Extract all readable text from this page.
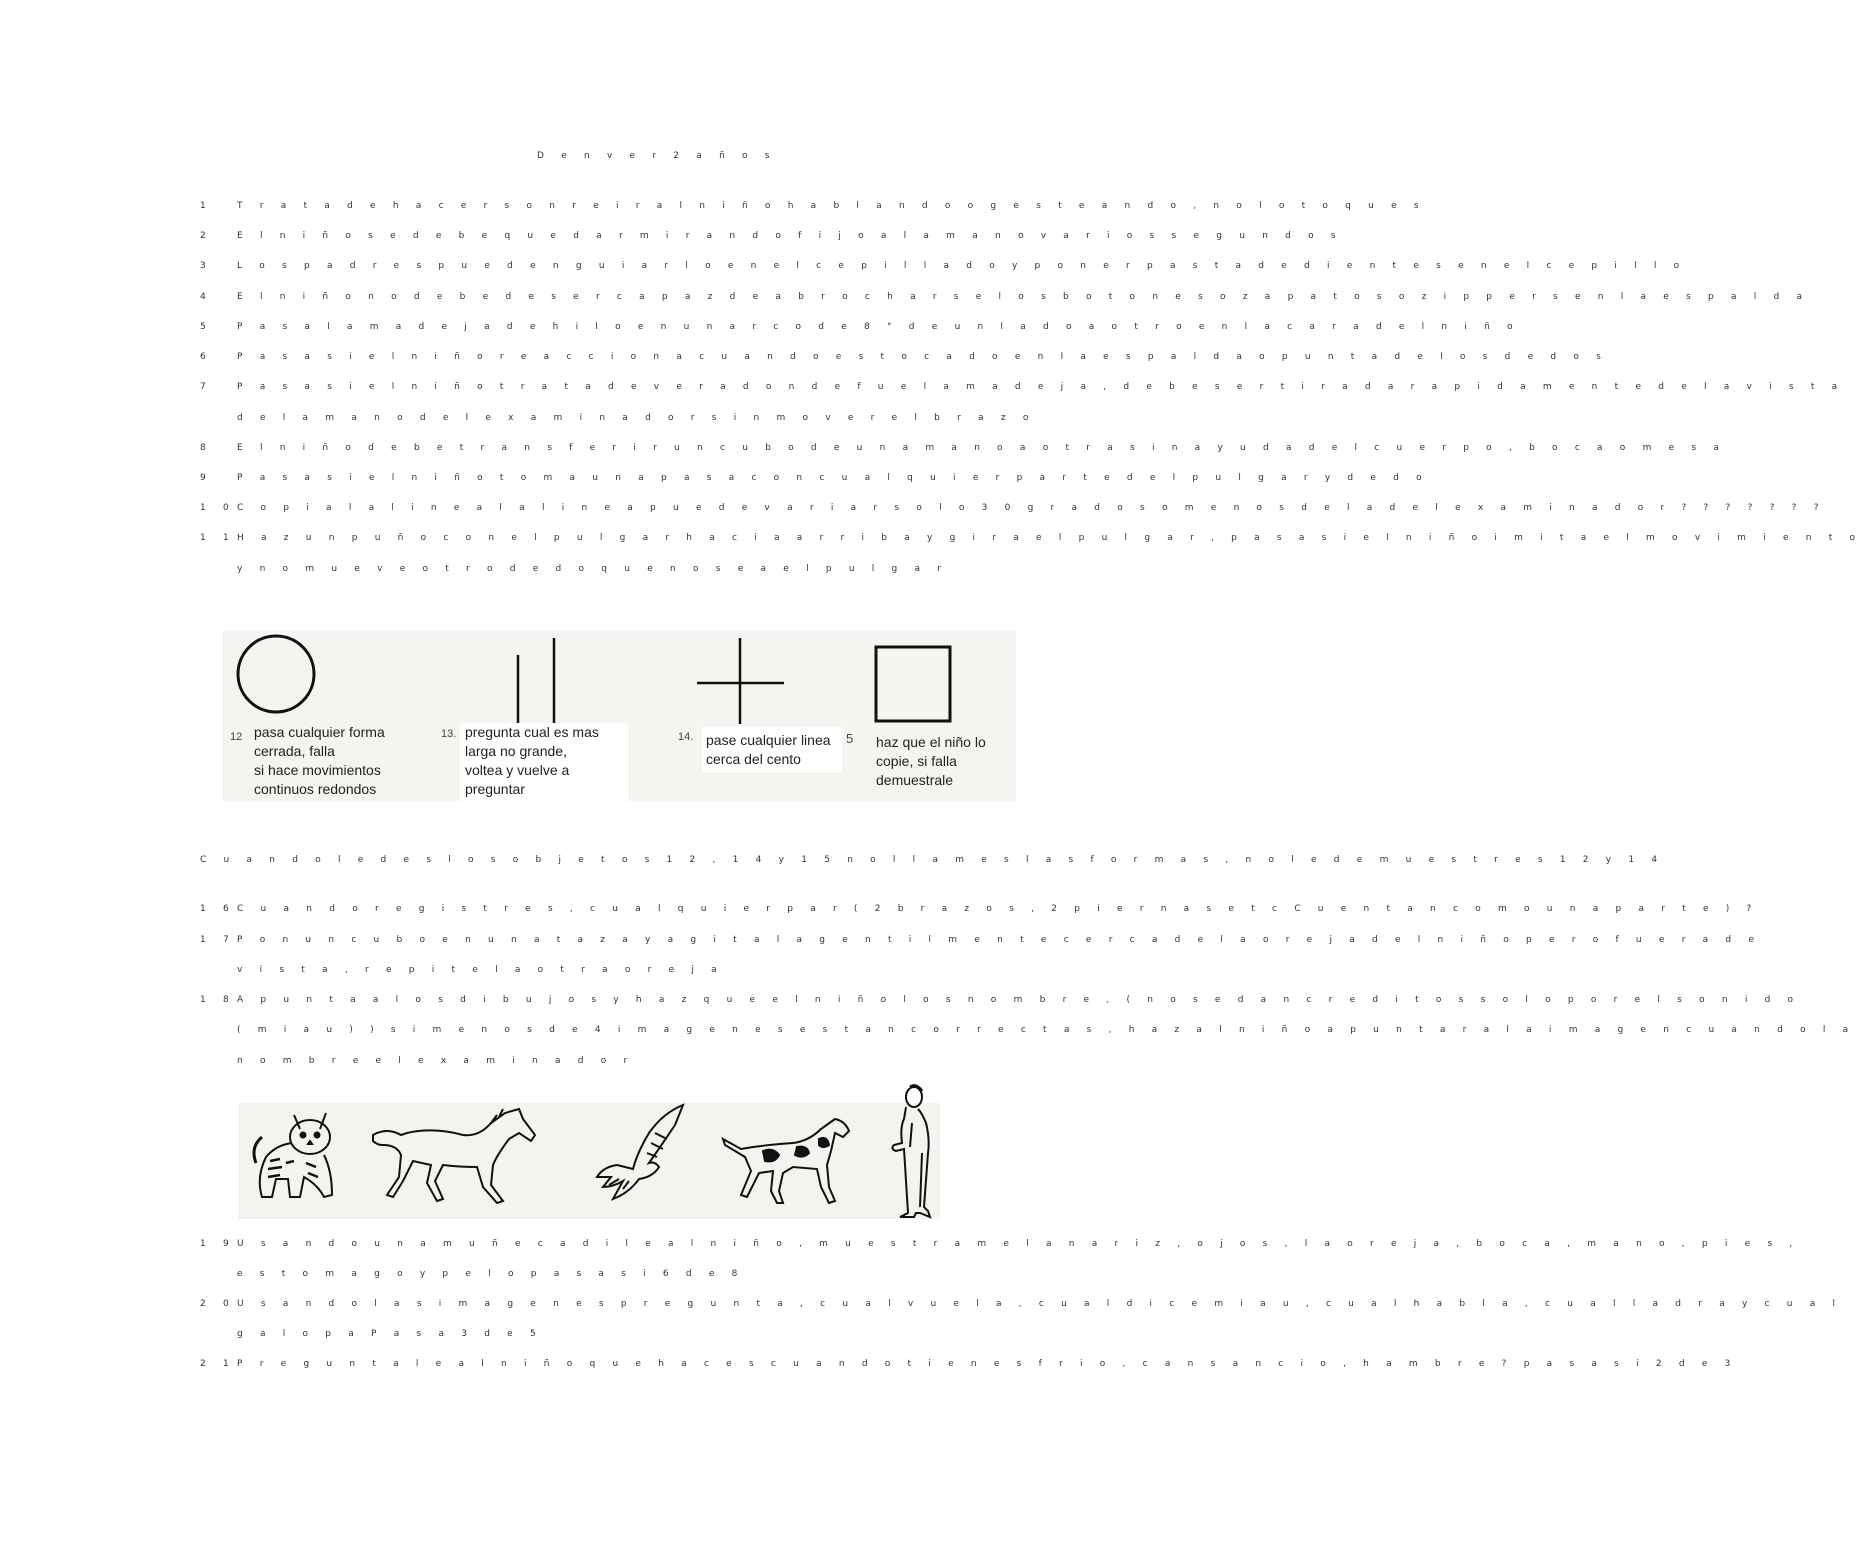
D e n v e r 2 a ñ o s
1	T r a t a d e h a c e r s o n r e i r a l n i ñ o h a b l a n d o o g e s t e a n d o , n o l o t o q u e s
2	E l n i ñ o s e d e b e q u e d a r m i r a n d o f i j o a l a m a n o v a r i o s s e g u n d o s
3	L o s p a d r e s p u e d e n g u i a r l o e n e l c e p i l l a d o y p o n e r p a s t a d e d i e n t e s e n e l c e p i l l o
4	E l n i ñ o n o d e b e d e s e r c a p a z d e a b r o c h a r s e l o s b o t o n e s o z a p a t o s o z i p p e r s e n l a e s p a l d a
5	P a s a l a m a d e j a d e h i l o e n u n a r c o d e 8 ° d e u n l a d o a o t r o e n l a c a r a d e l n i ñ o
6	P a s a s i e l n i ñ o r e a c c i o n a c u a n d o e s t o c a d o e n l a e s p a l d a o p u n t a d e l o s d e d o s
7	P a s a s i e l n i ñ o t r a t a d e v e r a d o n d e f u e l a m a d e j a , d e b e s e r t i r a d a r a p i d a m e n t e d e l a v i s t a
d e l a m a n o d e l e x a m i n a d o r s i n m o v e r e l b r a z o
8	E l n i ñ o d e b e t r a n s f e r i r u n c u b o d e u n a m a n o a o t r a s i n a y u d a d e l c u e r p o , b o c a o m e s a
9	P a s a s i e l n i ñ o t o m a u n a p a s a c o n c u a l q u i e r p a r t e d e l p u l g a r y d e d o
1 0 C o p i a l a l i n e a l a l i n e a p u e d e v a r i a r s o l o 3 0 g r a d o s o m e n o s d e l a d e l e x a m i n a d o r ? ? ? ? ? ? ?
1 1 H a z u n p u ñ o c o n e l p u l g a r h a c i a a r r i b a y g i r a e l p u l g a r , p a s a s i e l n i ñ o i m i t a e l m o v i m i e n t o
y n o m u e v e o t r o d e d o q u e n o s e a e l p u l g a r
12 pasa cualquier forma
cerrada, falla
si hace movimientos
continuos redondos
13. pregunta cual es mas
larga no grande,
voltea y vuelve a
preguntar
14. pase cualquier linea
cerca del cento
5 haz que el niño lo
copie, si falla
demuestrale
C u a n d o l e d e s l o s o b j e t o s 1 2 , 1 4 y 1 5 n o l l a m e s l a s f o r m a s , n o l e d e m u e s t r e s 1 2 y 1 4
1 6 C u a n d o r e g i s t r e s , c u a l q u i e r p a r ( 2 b r a z o s , 2 p i e r n a s e t c C u e n t a n c o m o u n a p a r t e ) ?
1 7 P o n u n c u b o e n u n a t a z a y a g i t a l a g e n t i l m e n t e c e r c a d e l a o r e j a d e l n i ñ o p e r o f u e r a d e
v i s t a , r e p i t e l a o t r a o r e j a
1 8 A p u n t a a l o s d i b u j o s y h a z q u e e l n i ñ o l o s n o m b r e , ( n o s e d a n c r e d i t o s s o l o p o r e l s o n i d o
( m i a u ) ) s i m e n o s d e 4 i m a g e n e s e s t a n c o r r e c t a s , h a z a l n i ñ o a p u n t a r a l a i m a g e n c u a n d o l a
n o m b r e e l e x a m i n a d o r
1 9 U s a n d o u n a m u ñ e c a d i l e a l n i ñ o , m u e s t r a m e l a n a r i z , o j o s , l a o r e j a , b o c a , m a n o , p i e s ,
e s t o m a g o y p e l o p a s a s i 6 d e 8
2 0 U s a n d o l a s i m a g e n e s p r e g u n t a , c u a l v u e l a , c u a l d i c e m i a u , c u a l h a b l a , c u a l l a d r a y c u a l
g a l o p a P a s a 3 d e 5
2 1 P r e g u n t a l e a l n i ñ o q u e h a c e s c u a n d o t i e n e s f r i o , c a n s a n c i o , h a m b r e ? p a s a s i 2 d e 3
